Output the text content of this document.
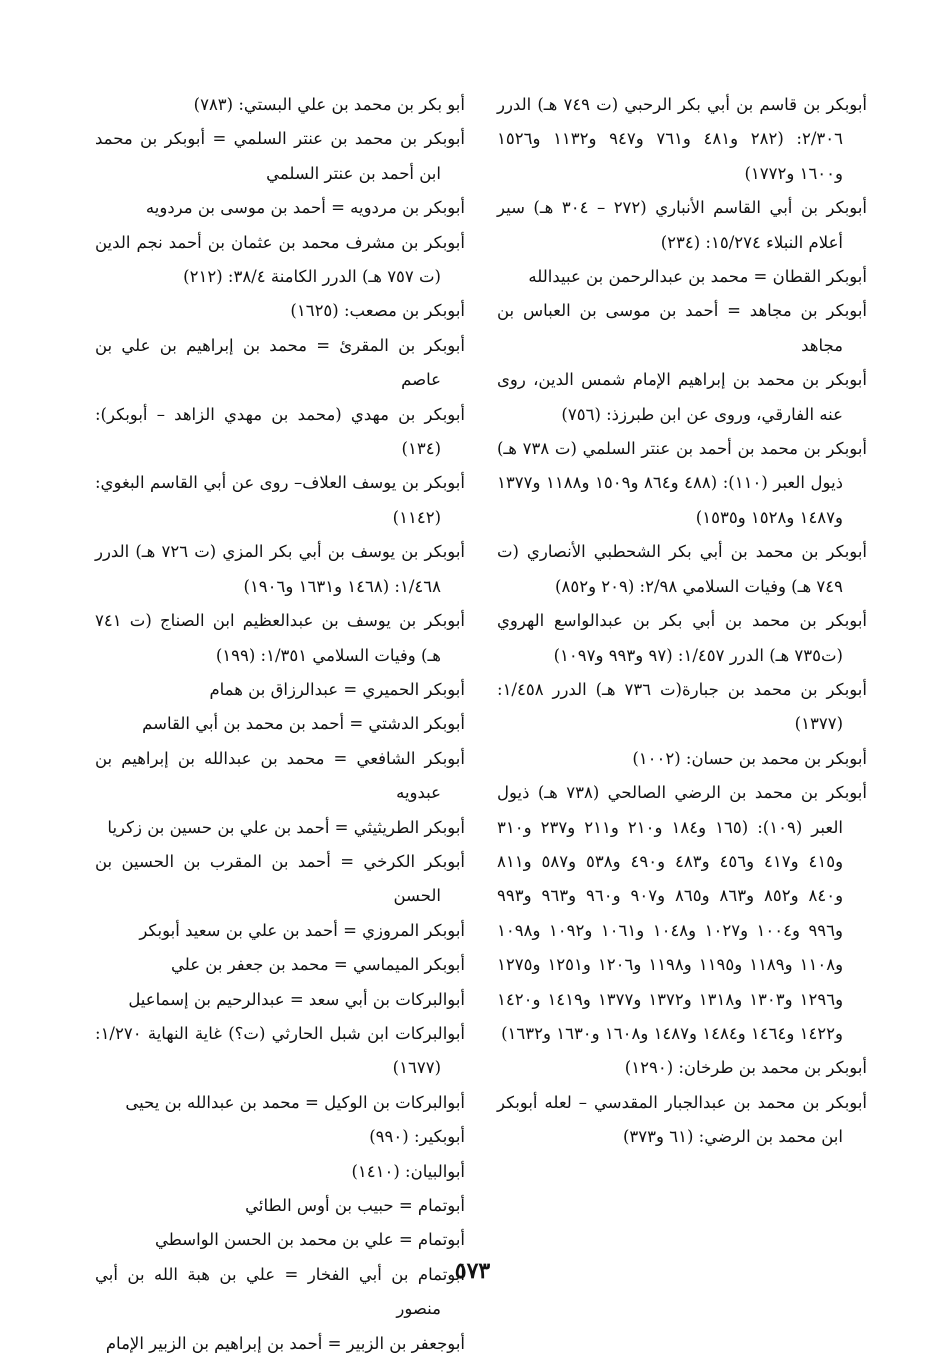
أبوبكر بن قاسم بن أبي بكر الرحبي (ت ٧٤٩ هـ) الدرر ٢/٣٠٦: (٢٨٢ و٤٨١ و٧٦١ و٩٤٧ و١١٣٢ و١٥٢٦ و١٦٠٠ و١٧٧٢)

أبوبكر بن أبي القاسم الأنباري (٢٧٢ – ٣٠٤ هـ) سير أعلام النبلاء ١٥/٢٧٤: (٢٣٤)

أبوبكر القطان = محمد بن عبدالرحمن بن عبيدالله

أبوبكر بن مجاهد = أحمد بن موسى بن العباس بن مجاهد

أبوبكر بن محمد بن إبراهيم الإمام شمس الدين، روى عنه الفارقي، وروى عن ابن طبرزذ: (٧٥٦)

أبوبكر بن محمد بن أحمد بن عنتر السلمي (ت ٧٣٨ هـ) ذيول العبر (١١٠): (٤٨٨ و٨٦٤ و١٥٠٩ و١١٨٨ و١٣٧٧ و١٤٨٧ و١٥٢٨ و١٥٣٥)

أبوبكر بن محمد بن أبي بكر الشحطبي الأنصاري (ت ٧٤٩ هـ) وفيات السلامي ٢/٩٨: (٢٠٩ و٨٥٢)

أبوبكر بن محمد بن أبي بكر بن عبدالواسع الهروي (ت٧٣٥ هـ) الدرر ١/٤٥٧: (٩٧ و٩٩٣ و١٠٩٧)

أبوبكر بن محمد بن جبارة(ت ٧٣٦ هـ) الدرر ١/٤٥٨: (١٣٧٧)

أبوبكر بن محمد بن حسان: (١٠٠٢)

أبوبكر بن محمد بن الرضي الصالحي (٧٣٨ هـ) ذيول العبر (١٠٩): (١٦٥ و١٨٤ و٢١٠ و٢١١ و٢٣٧ و٣١٠ و٤١٥ و٤١٧ و٤٥٦ و٤٨٣ و٤٩٠ و٥٣٨ و٥٨٧ و٨١١ و٨٤٠ و٨٥٢ و٨٦٣ و٨٦٥ و٩٠٧ و٩٦٠ و٩٦٣ و٩٩٣ و٩٩٦ و١٠٠٤ و١٠٢٧ و١٠٤٨ و١٠٦١ و١٠٩٢ و١٠٩٨ و١١٠٨ و١١٨٩ و١١٩٥ و١١٩٨ و١٢٠٦ و١٢٥١ و١٢٧٥ و١٢٩٦ و١٣٠٣ و١٣١٨ و١٣٧٢ و١٣٧٧ و١٤١٩ و١٤٢٠ و١٤٢٢ و١٤٦٤ و١٤٨٤ و١٤٨٧ و١٦٠٨ و١٦٣٠ و١٦٣٢)

أبوبكر بن محمد بن طرخان: (١٢٩٠)

أبوبكر بن محمد بن عبدالجبار المقدسي – لعله أبوبكر ابن محمد بن الرضي: (٦١ و٣٧٣)

أبو بكر بن محمد بن علي البستي: (٧٨٣)

أبوبكر بن محمد بن عنتر السلمي = أبوبكر بن محمد ابن أحمد بن عنتر السلمي

أبوبكر بن مردويه = أحمد بن موسى بن مردويه

أبوبكر بن مشرف محمد بن عثمان بن أحمد نجم الدين (ت ٧٥٧ هـ) الدرر الكامنة ٣٨/٤: (٢١٢)

أبوبكر بن مصعب: (١٦٢٥)

أبوبكر بن المقرئ = محمد بن إبراهيم بن علي بن عاصم

أبوبكر بن مهدي (محمد بن مهدي الزاهد – أبوبكر): (١٣٤)

أبوبكر بن يوسف العلاف– روى عن أبي القاسم البغوي: (١١٤٢)

أبوبكر بن يوسف بن أبي بكر المزي (ت ٧٢٦ هـ) الدرر ١/٤٦٨: (١٤٦٨ و١٦٣١ و١٩٠٦)

أبوبكر بن يوسف بن عبدالعظيم ابن الصناج (ت ٧٤١ هـ) وفيات السلامي ١/٣٥١: (١٩٩)

أبوبكر الحميري = عبدالرزاق بن همام

أبوبكر الدشتي = أحمد بن محمد بن أبي القاسم

أبوبكر الشافعي = محمد بن عبدالله بن إبراهيم بن عبدويه

أبوبكر الطريثيثي = أحمد بن علي بن حسين بن زكريا

أبوبكر الكرخي = أحمد بن المقرب بن الحسين بن الحسن

أبوبكر المروزي = أحمد بن علي بن سعيد أبوبكر

أبوبكر الميماسي = محمد بن جعفر بن علي

أبوالبركات بن أبي سعد = عبدالرحيم بن إسماعيل

أبوالبركات ابن شبل الحارثي (ت؟) غاية النهاية ١/٢٧٠: (١٦٧٧)

أبوالبركات بن الوكيل = محمد بن عبدالله بن يحيى

أبوبكير: (٩٩٠)

أبوالبيان: (١٤١٠)

أبوتمام = حبيب بن أوس الطائي

أبوتمام = علي بن محمد بن الحسن الواسطي

أبوتمام بن أبي الفخار = علي بن هبة الله بن أبي منصور

أبوجعفر بن الزبير = أحمد بن إبراهيم بن الزبير الإمام

٥٧٣
